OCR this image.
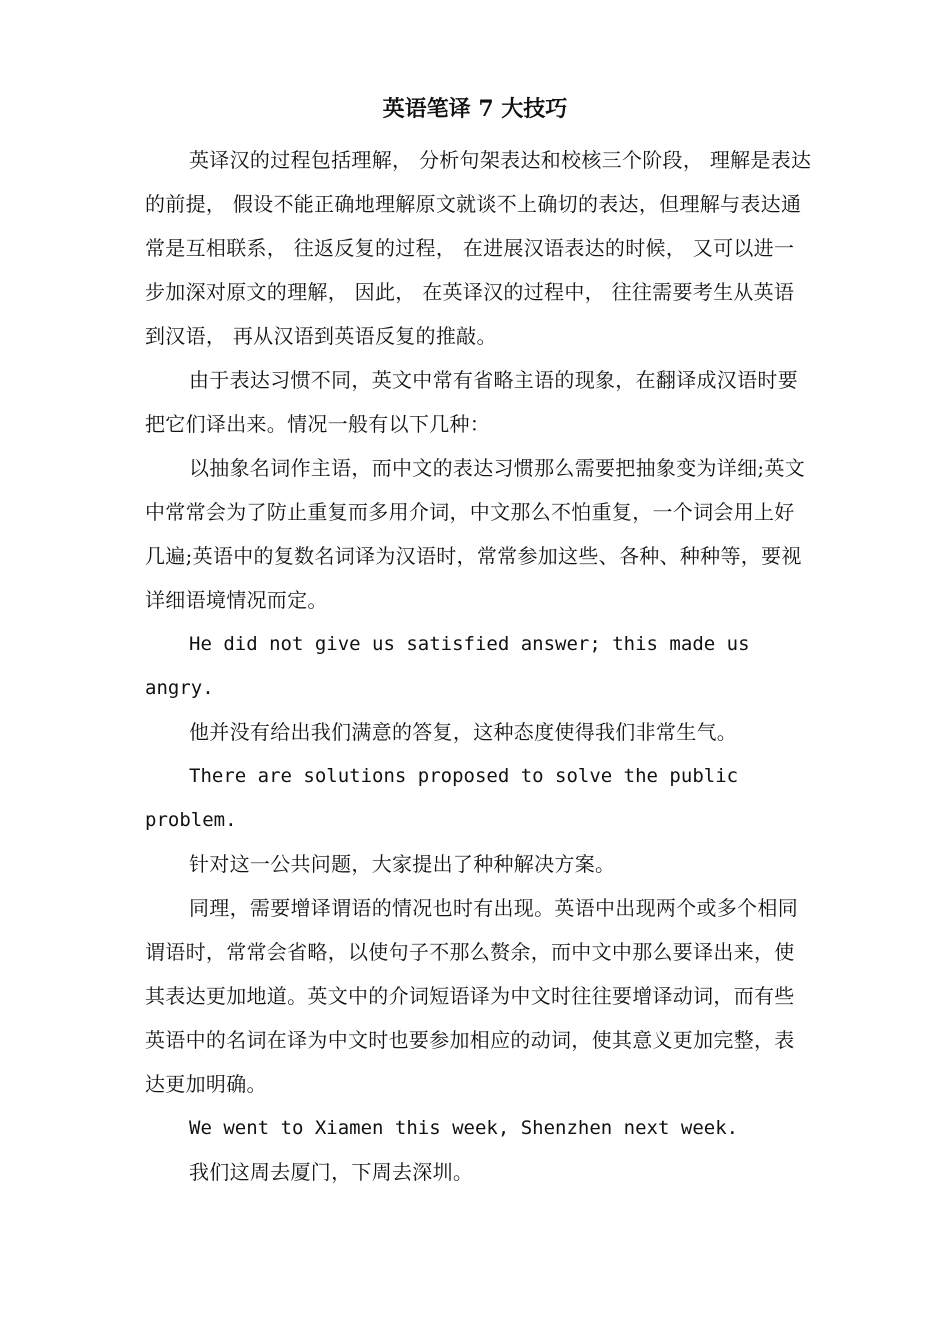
英语笔译 7 大技巧

英译汉的过程包括理解， 分析句架表达和校核三个阶段， 理解是表达的前提， 假设不能正确地理解原文就谈不上确切的表达，但理解与表达通常是互相联系， 往返反复的过程， 在进展汉语表达的时候， 又可以进一步加深对原文的理解， 因此， 在英译汉的过程中， 往往需要考生从英语到汉语， 再从汉语到英语反复的推敲。

由于表达习惯不同，英文中常有省略主语的现象，在翻译成汉语时要把它们译出来。情况一般有以下几种：

以抽象名词作主语，而中文的表达习惯那么需要把抽象变为详细;英文中常常会为了防止重复而多用介词，中文那么不怕重复，一个词会用上好几遍;英语中的复数名词译为汉语时，常常参加这些、各种、种种等，要视详细语境情况而定。

He did not give us satisfied answer; this made us angry.

他并没有给出我们满意的答复，这种态度使得我们非常生气。

There are solutions proposed to solve the public problem.

针对这一公共问题，大家提出了种种解决方案。

同理，需要增译谓语的情况也时有出现。英语中出现两个或多个相同谓语时，常常会省略，以使句子不那么赘余，而中文中那么要译出来，使其表达更加地道。英文中的介词短语译为中文时往往要增译动词，而有些英语中的名词在译为中文时也要参加相应的动词，使其意义更加完整，表达更加明确。

We went to Xiamen this week, Shenzhen next week.

我们这周去厦门，下周去深圳。
